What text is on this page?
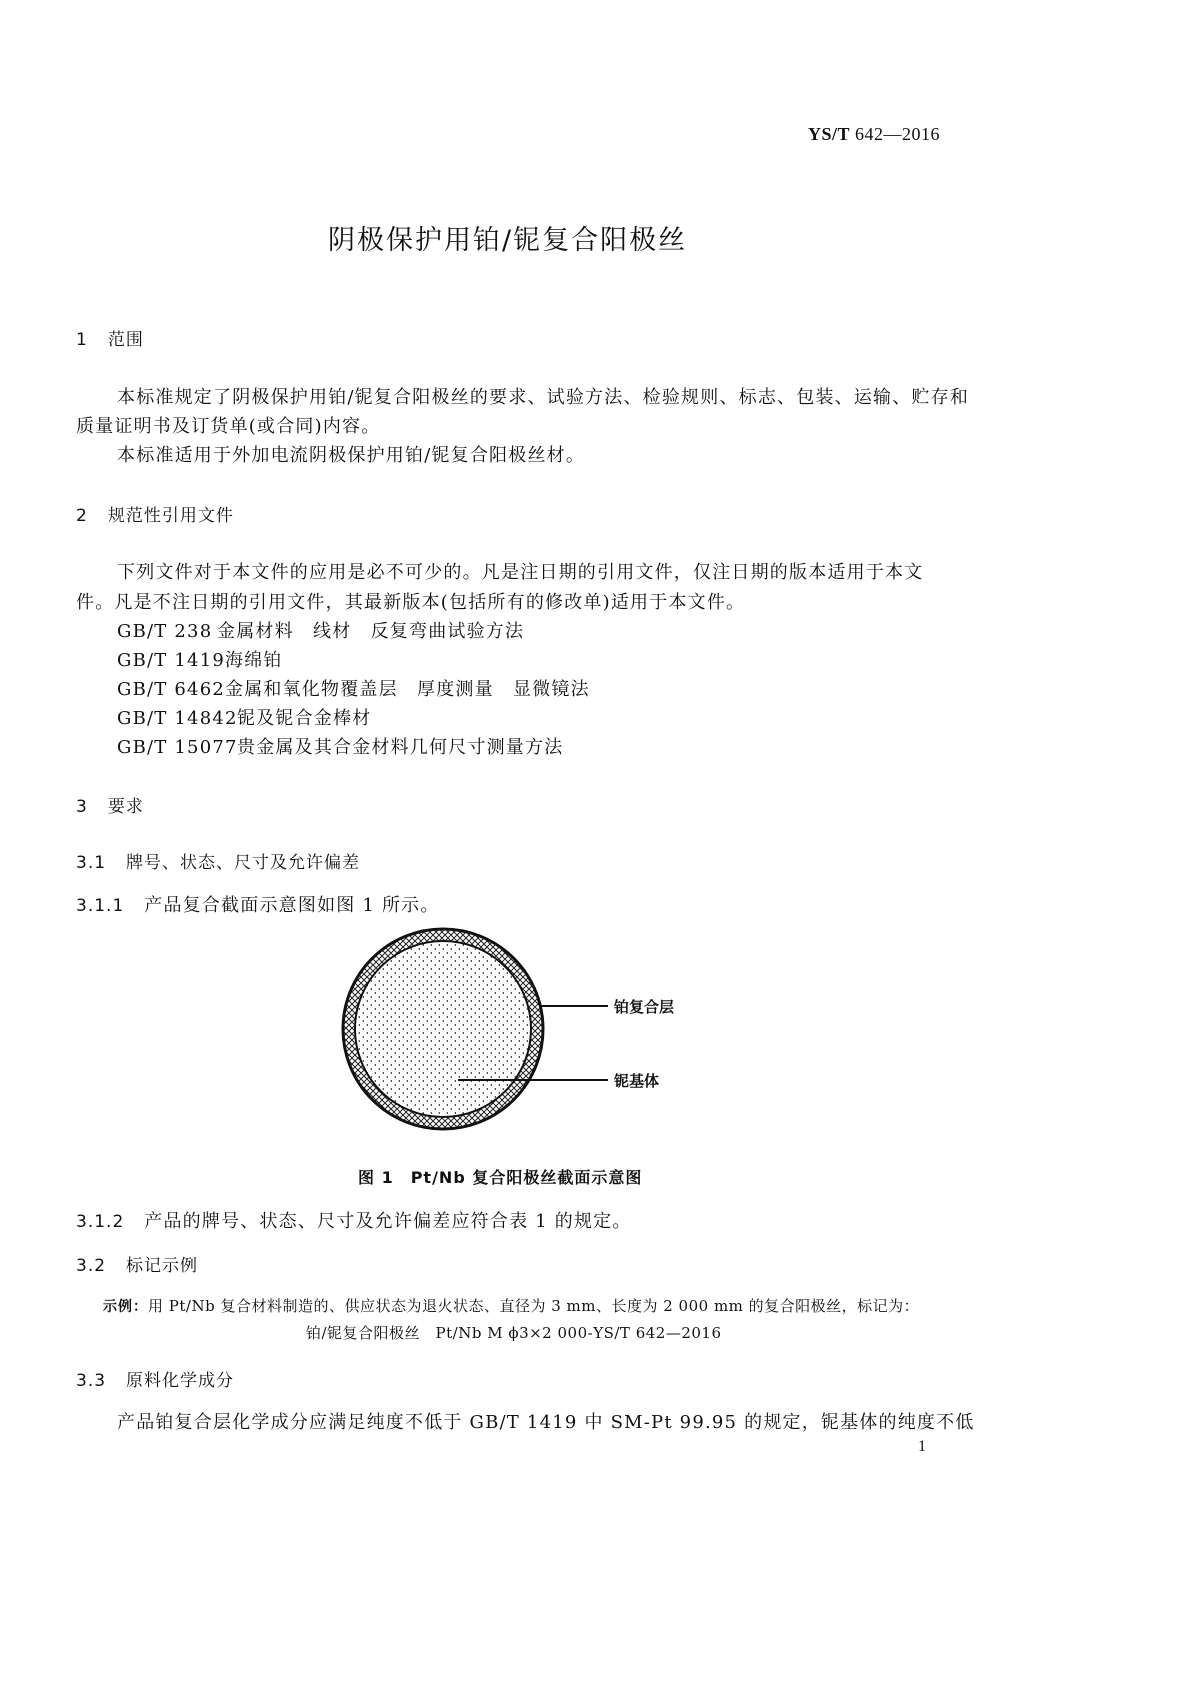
YS/T 642—2016
阴极保护用铂/铌复合阳极丝
1 范围
本标准规定了阴极保护用铂/铌复合阳极丝的要求、试验方法、检验规则、标志、包装、运输、贮存和
质量证明书及订货单(或合同)内容。
本标准适用于外加电流阴极保护用铂/铌复合阳极丝材。
2 规范性引用文件
下列文件对于本文件的应用是必不可少的。凡是注日期的引用文件，仅注日期的版本适用于本文
件。凡是不注日期的引用文件，其最新版本(包括所有的修改单)适用于本文件。
GB/T 238 金属材料　线材　反复弯曲试验方法
GB/T 1419海绵铂
GB/T 6462金属和氧化物覆盖层　厚度测量　显微镜法
GB/T 14842铌及铌合金棒材
GB/T 15077贵金属及其合金材料几何尺寸测量方法
3 要求
3.1 牌号、状态、尺寸及允许偏差
3.1.1 产品复合截面示意图如图 1 所示。
铂复合层
铌基体
图 1　Pt/Nb 复合阳极丝截面示意图
3.1.2 产品的牌号、状态、尺寸及允许偏差应符合表 1 的规定。
3.2 标记示例
示例：用 Pt/Nb 复合材料制造的、供应状态为退火状态、直径为 3 mm、长度为 2 000 mm 的复合阳极丝，标记为：
铂/铌复合阳极丝　Pt/Nb M ϕ3×2 000-YS/T 642—2016
3.3 原料化学成分
产品铂复合层化学成分应满足纯度不低于 GB/T 1419 中 SM-Pt 99.95 的规定，铌基体的纯度不低
1
